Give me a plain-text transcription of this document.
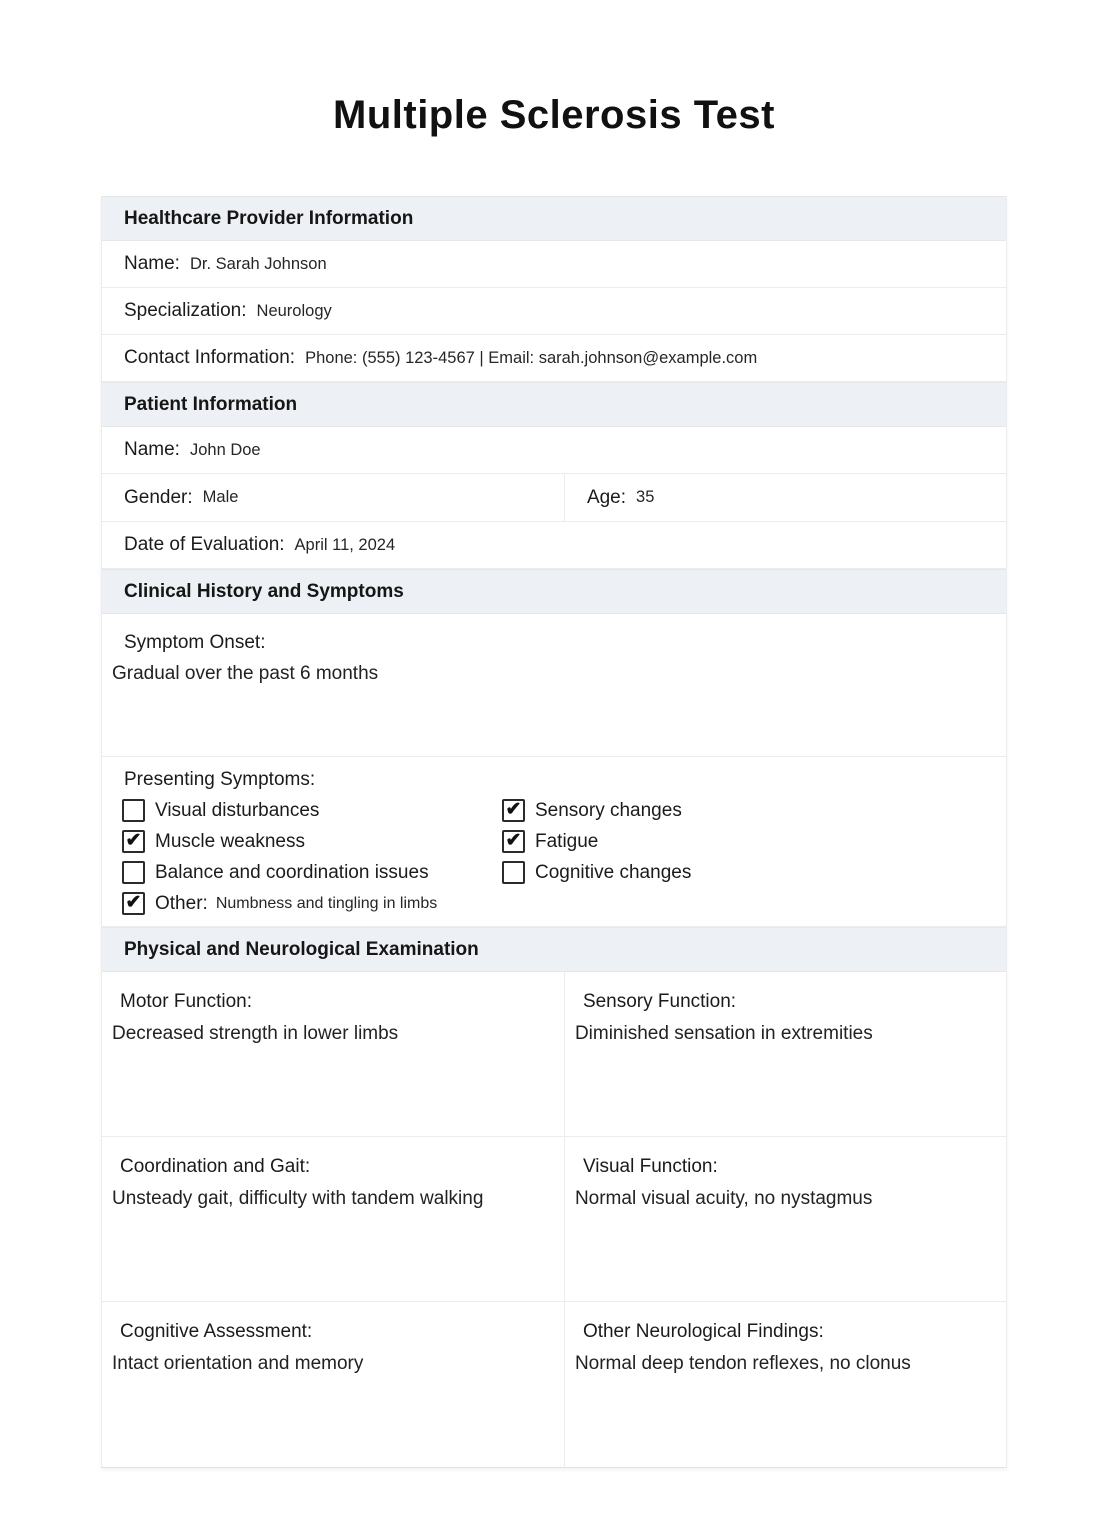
Multiple Sclerosis Test
Healthcare Provider Information
Name: Dr. Sarah Johnson
Specialization: Neurology
Contact Information: Phone: (555) 123-4567 | Email: sarah.johnson@example.com
Patient Information
Name: John Doe
Gender: Male	Age: 35
Date of Evaluation: April 11, 2024
Clinical History and Symptoms
Symptom Onset:
Gradual over the past 6 months
Presenting Symptoms:
Visual disturbances	✔ Sensory changes
✔ Muscle weakness	✔ Fatigue
Balance and coordination issues	Cognitive changes
✔ Other: Numbness and tingling in limbs
Physical and Neurological Examination
Motor Function:
Decreased strength in lower limbs
Sensory Function:
Diminished sensation in extremities
Coordination and Gait:
Unsteady gait, difficulty with tandem walking
Visual Function:
Normal visual acuity, no nystagmus
Cognitive Assessment:
Intact orientation and memory
Other Neurological Findings:
Normal deep tendon reflexes, no clonus
